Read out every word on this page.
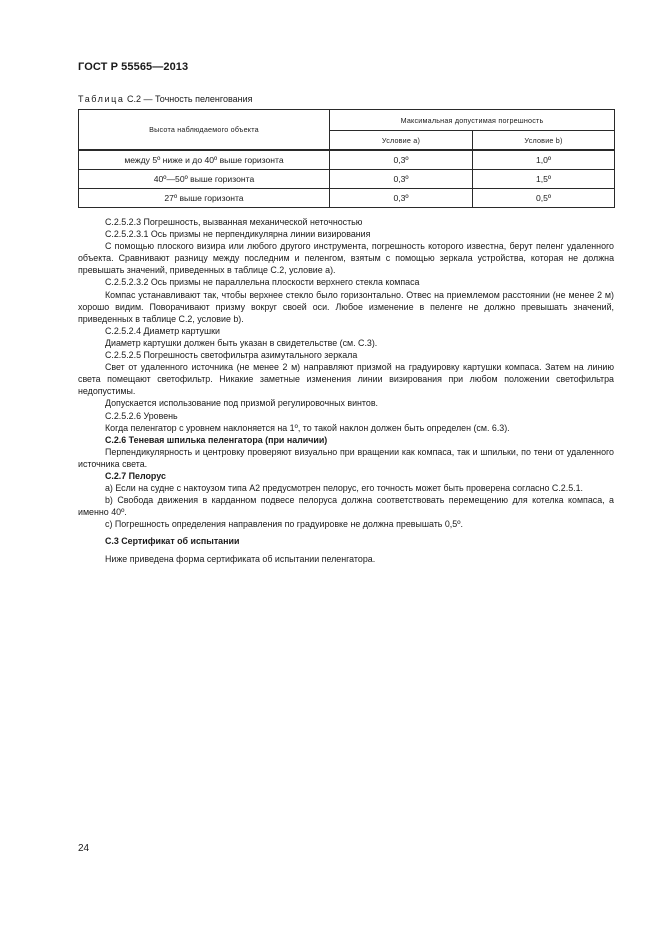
ГОСТ Р 55565—2013
Таблица С.2 — Точность пеленгования
Высота наблюдаемого объекта	Максимальная допустимая погрешность	
	Условие а)	Условие b)
между 5º ниже и до 40º выше горизонта	0,3º	1,0º
40º—50º выше горизонта	0,3º	1,5º
27º выше горизонта	0,3º	0,5º

С.2.5.2.3 Погрешность, вызванная механической неточностью

С.2.5.2.3.1 Ось призмы не перпендикулярна линии визирования

С помощью плоского визира или любого другого инструмента, погрешность которого известна, берут пеленг удаленного объекта. Сравнивают разницу между последним и пеленгом, взятым с помощью зеркала устройства, которая не должна превышать значений, приведенных в таблице С.2, условие а).

С.2.5.2.3.2 Ось призмы не параллельна плоскости верхнего стекла компаса

Компас устанавливают так, чтобы верхнее стекло было горизонтально. Отвес на приемлемом расстоянии (не менее 2 м) хорошо видим. Поворачивают призму вокруг своей оси. Любое изменение в пеленге не должно превышать значений, приведенных в таблице С.2, условие b).

С.2.5.2.4 Диаметр картушки

Диаметр картушки должен быть указан в свидетельстве (см. С.3).

С.2.5.2.5 Погрешность светофильтра азимутального зеркала

Свет от удаленного источника (не менее 2 м) направляют призмой на градуировку картушки компаса. Затем на линию света помещают светофильтр. Никакие заметные изменения линии визирования при любом положении светофильтра недопустимы.

Допускается использование под призмой регулировочных винтов.

С.2.5.2.6 Уровень

Когда пеленгатор с уровнем наклоняется на 1º, то такой наклон должен быть определен (см. 6.3).

С.2.6 Теневая шпилька пеленгатора (при наличии)

Перпендикулярность и центровку проверяют визуально при вращении как компаса, так и шпильки, по тени от удаленного источника света.

С.2.7 Пелорус

а) Если на судне с нактоузом типа А2 предусмотрен пелорус, его точность может быть проверена согласно С.2.5.1.

b) Свобода движения в карданном подвесе пелоруса должна соответствовать перемещению для котелка компаса, а именно 40º.

с) Погрешность определения направления по градуировке не должна превышать 0,5º.

С.3 Сертификат об испытании

Ниже приведена форма сертификата об испытании пеленгатора.

24
